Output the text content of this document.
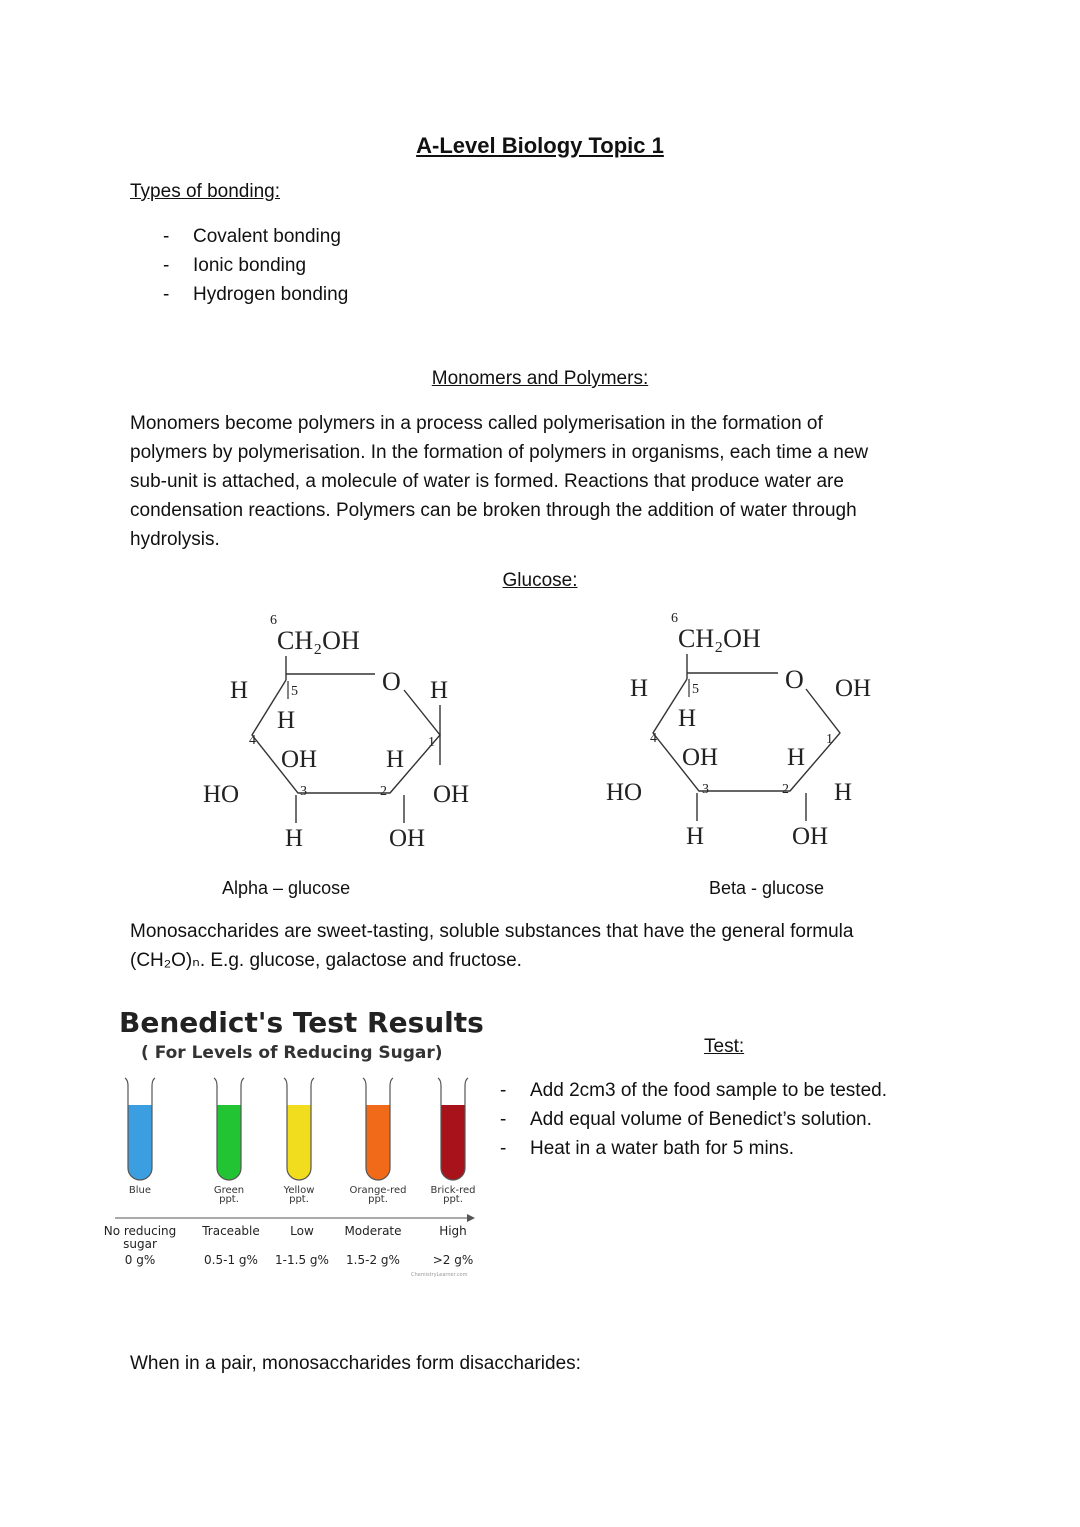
A-Level Biology Topic 1
Types of bonding:
- Covalent bonding
- Ionic bonding
- Hydrogen bonding
Monomers and Polymers:
Monomers become polymers in a process called polymerisation in the formation of
polymers by polymerisation. In the formation of polymers in organisms, each time a new
sub-unit is attached, a molecule of water is formed. Reactions that produce water are
condensation reactions. Polymers can be broken through the addition of water through
hydrolysis.
Glucose:
6
CH₂OH
O H
H	5
H
4
OH	H
1
HO	3	2 OH
H	OH
Alpha – glucose
6
CH₂OH
O OH
H	5
H
4
OH	H
1
HO	3	2 H
H	OH
Beta - glucose
Monosaccharides are sweet-tasting, soluble substances that have the general formula
(CH₂O)ₙ. E.g. glucose, galactose and fructose.
Benedict's Test Results
( For Levels of Reducing Sugar)
Blue
No reducing
sugar
0 g%
Green
ppt.
Traceable
0.5-1 g%
Yellow
ppt.
Low
1-1.5 g%
Orange-red
ppt.
Moderate
1.5-2 g%
Brick-red
ppt.
High
>2 g%
ChemistryLearner.com
Test:
- Add 2cm3 of the food sample to be tested.
- Add equal volume of Benedict’s solution.
- Heat in a water bath for 5 mins.
When in a pair, monosaccharides form disaccharides:
